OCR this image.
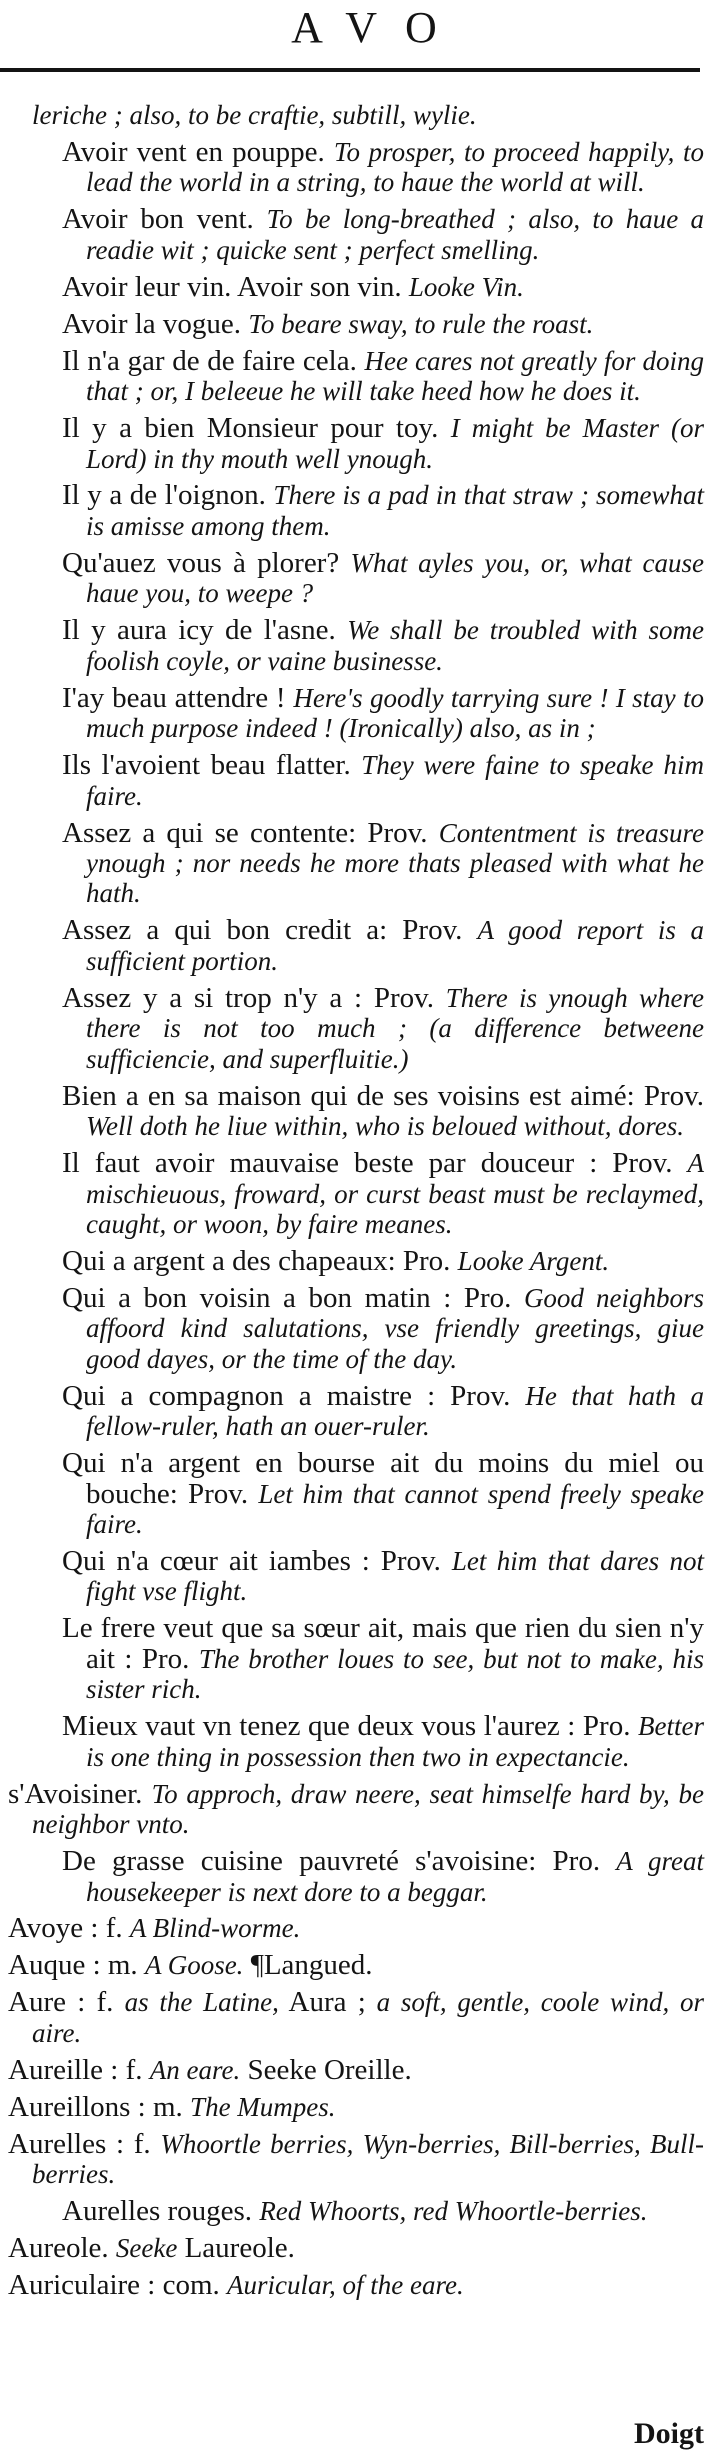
AVO
leriche ; also, to be craftie, subtill, wylie.
Avoir vent en pouppe. To prosper, to proceed happily, to lead the world in a string, to haue the world at will.
Avoir bon vent. To be long-breathed ; also, to haue a readie wit ; quicke sent ; perfect smelling.
Avoir leur vin. Avoir son vin. Looke Vin.
Avoir la vogue. To beare sway, to rule the roast.
Il n'a gar de de faire cela. Hee cares not greatly for doing that ; or, I beleeue he will take heed how he does it.
Il y a bien Monsieur pour toy. I might be Master (or Lord) in thy mouth well ynough.
Il y a de l'oignon. There is a pad in that straw ; somewhat is amisse among them.
Qu'auez vous à plorer? What ayles you, or, what cause haue you, to weepe ?
Il y aura icy de l'asne. We shall be troubled with some foolish coyle, or vaine businesse.
I'ay beau attendre ! Here's goodly tarrying sure ! I stay to much purpose indeed ! (Ironically) also, as in ;
Ils l'avoient beau flatter. They were faine to speake him faire.
Assez a qui se contente: Prov. Contentment is treasure ynough ; nor needs he more thats pleased with what he hath.
Assez a qui bon credit a: Prov. A good report is a sufficient portion.
Assez y a si trop n'y a : Prov. There is ynough where there is not too much ; (a difference betweene sufficiencie, and superfluitie.)
Bien a en sa maison qui de ses voisins est aimé: Prov. Well doth he liue within, who is beloued without, dores.
Il faut avoir mauvaise beste par douceur : Prov. A mischieuous, froward, or curst beast must be reclaymed, caught, or woon, by faire meanes.
Qui a argent a des chapeaux: Pro. Looke Argent.
Qui a bon voisin a bon matin : Pro. Good neighbors affoord kind salutations, vse friendly greetings, giue good dayes, or the time of the day.
Qui a compagnon a maistre : Prov. He that hath a fellow-ruler, hath an ouer-ruler.
Qui n'a argent en bourse ait du moins du miel ou bouche: Prov. Let him that cannot spend freely speake faire.
Qui n'a cœur ait iambes : Prov. Let him that dares not fight vse flight.
Le frere veut que sa sœur ait, mais que rien du sien n'y ait : Pro. The brother loues to see, but not to make, his sister rich.
Mieux vaut vn tenez que deux vous l'aurez : Pro. Better is one thing in possession then two in expectancie.
s'Avoisiner. To approch, draw neere, seat himselfe hard by, be neighbor vnto.
De grasse cuisine pauvreté s'avoisine: Pro. A great housekeeper is next dore to a beggar.
Avoye : f. A Blind-worme.
Auque : m. A Goose. ¶Langued.
Aure : f. as the Latine, Aura ; a soft, gentle, coole wind, or aire.
Aureille : f. An eare. Seeke Oreille.
Aureillons : m. The Mumpes.
Aurelles : f. Whoortle berries, Wyn-berries, Bill-berries, Bull-berries.
Aurelles rouges. Red Whoorts, red Whoortle-berries.
Aureole. Seeke Laureole.
Auriculaire : com. Auricular, of the eare.
Doigt
